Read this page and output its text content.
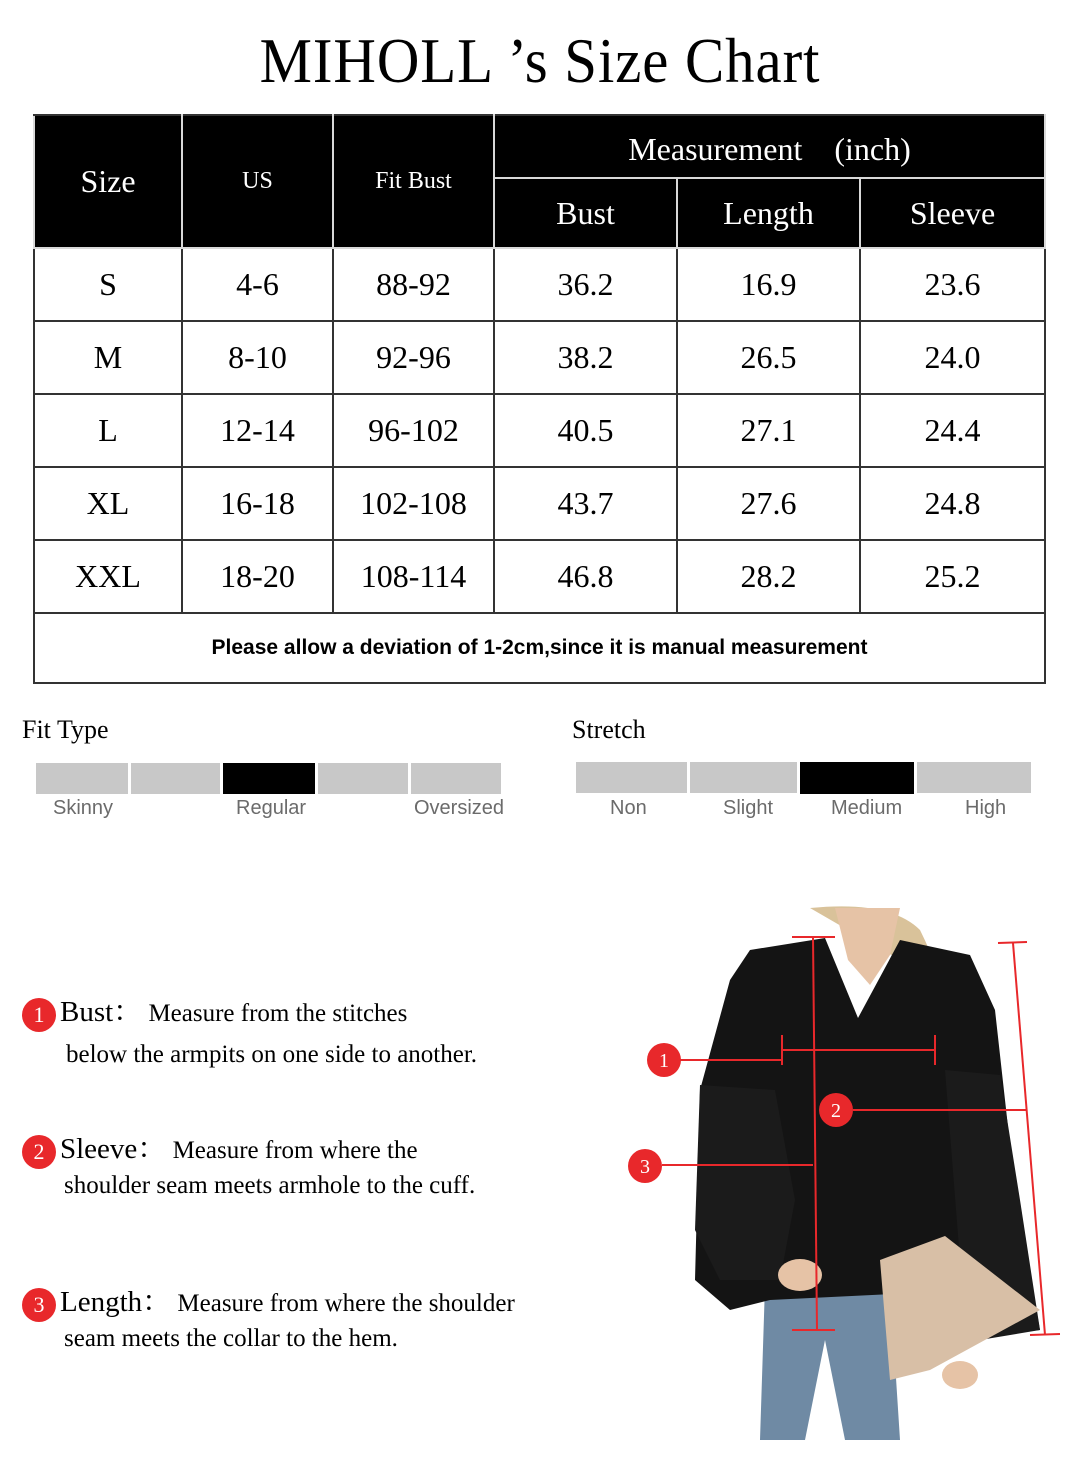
MIHOLL ’s Size Chart
Size	US	Fit Bust	Measurement　(inch)		
			Bust	Length	Sleeve
S	4-6	88-92	36.2	16.9	23.6
M	8-10	92-96	38.2	26.5	24.0
L	12-14	96-102	40.5	27.1	24.4
XL	16-18	102-108	43.7	27.6	24.8
XXL	18-20	108-114	46.8	28.2	25.2
Please allow a deviation of 1-2cm,since it is manual measurement					
Fit Type
Skinny	Regular	Oversized
Stretch
Non	Slight	Medium	High
1 Bust： Measure from the stitches
below the armpits on one side to another.
2 Sleeve： Measure from where the
shoulder seam meets armhole to the cuff.
3 Length： Measure from where the shoulder
seam meets the collar to the hem.
1
2
3
